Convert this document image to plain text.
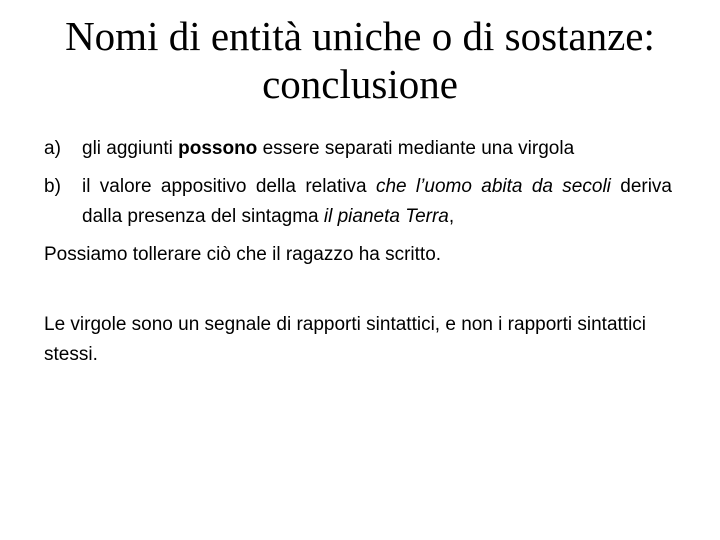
Nomi di entità uniche o di sostanze:
conclusione
a)	gli aggiunti possono essere separati mediante una virgola
b)	il valore appositivo della relativa che l’uomo abita da secoli deriva dalla presenza del sintagma il pianeta Terra,

Possiamo tollerare ciò che il ragazzo ha scritto.

Le virgole sono un segnale di rapporti sintattici, e non i rapporti sintattici stessi.
